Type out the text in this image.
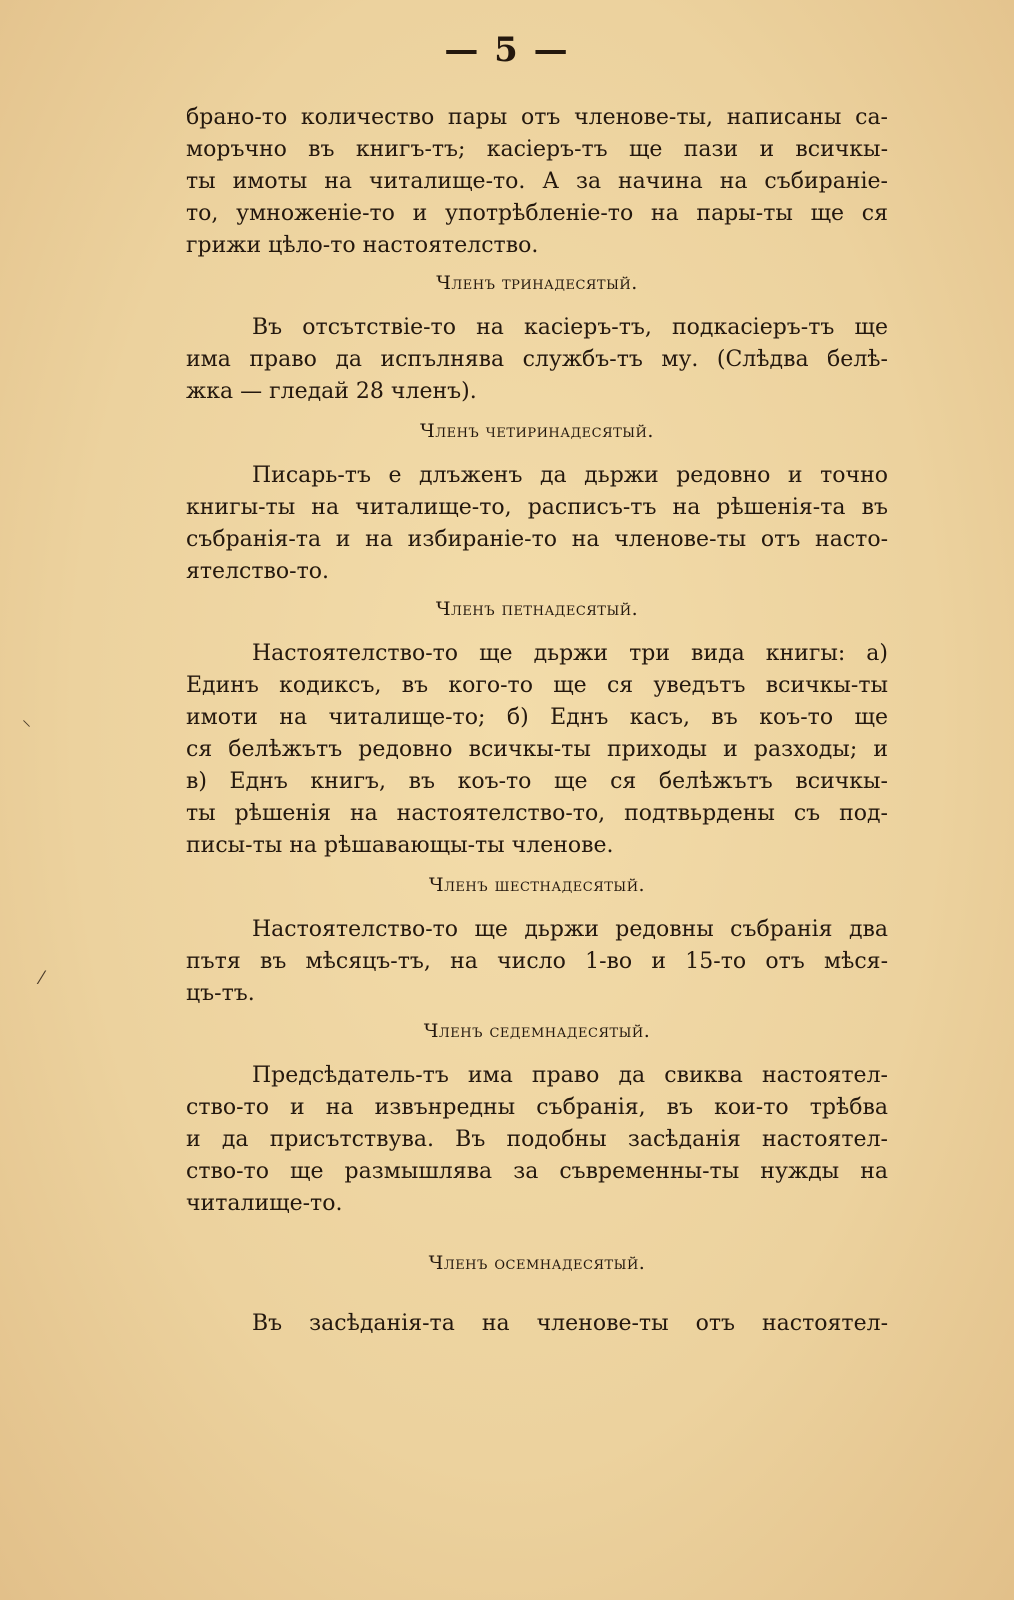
— 5 —
брано-то количество пары отъ членове-ты, написаны са-
моръчно въ книгъ-тъ; касіеръ-тъ ще пази и всичкы-
ты имоты на читалище-то. А за начина на събираніе-
то, умноженіе-то и употрѣбленіе-то на пары-ты ще ся
грижи цѣло-то настоятелство.
Членъ тринадесятый.
Въ отсътствіе-то на касіеръ-тъ, подкасіеръ-тъ ще
има право да испълнява службъ-тъ му. (Слѣдва белѣ-
жка — гледай 28 членъ).
Членъ четиринадесятый.
Писарь-тъ е длъженъ да дьржи редовно и точно
книгы-ты на читалище-то, расписъ-тъ на рѣшенія-та въ
събранія-та и на избираніе-то на членове-ты отъ насто-
ятелство-то.
Членъ петнадесятый.
Настоятелство-то ще дьржи три вида книгы: а)
Единъ кодиксъ, въ кого-то ще ся уведътъ всичкы-ты
имоти на читалище-то; б) Еднъ касъ, въ коъ-то ще
ся белѣжътъ редовно всичкы-ты приходы и разходы; и
в) Еднъ книгъ, въ коъ-то ще ся белѣжътъ всичкы-
ты рѣшенія на настоятелство-то, подтвьрдены съ под-
писы-ты на рѣшавающы-ты членове.
Членъ шестнадесятый.
Настоятелство-то ще дьржи редовны събранія два
пътя въ мѣсяцъ-тъ, на число 1-во и 15-то отъ мѣся-
цъ-тъ.
Членъ седемнадесятый.
Предсѣдатель-тъ има право да свиква настоятел-
ство-то и на извънредны събранія, въ кои-то трѣбва
и да присътствува. Въ подобны засѣданія настоятел-
ство-то ще размышлява за съвременны-ты нужды на
читалище-то.
Членъ осемнадесятый.
Въ засѣданія-та на членове-ты отъ настоятел-
⸌
⁄
